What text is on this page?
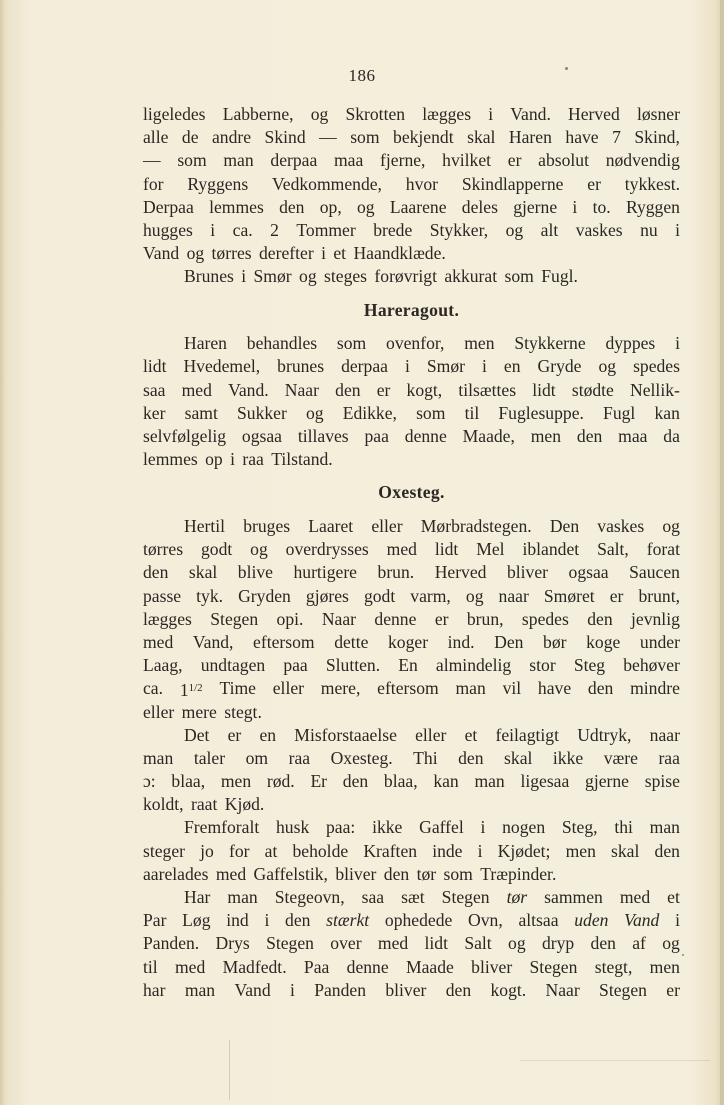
186
ligeledes Labberne, og Skrotten lægges i Vand. Herved løsner
alle de andre Skind — som bekjendt skal Haren have 7 Skind,
— som man derpaa maa fjerne, hvilket er absolut nødvendig
for Ryggens Vedkommende, hvor Skindlapperne er tykkest.
Derpaa lemmes den op, og Laarene deles gjerne i to. Ryggen
hugges i ca. 2 Tommer brede Stykker, og alt vaskes nu i
Vand og tørres derefter i et Haandklæde.
Brunes i Smør og steges forøvrigt akkurat som Fugl.
Hareragout.
Haren behandles som ovenfor, men Stykkerne dyppes i
lidt Hvedemel, brunes derpaa i Smør i en Gryde og spedes
saa med Vand. Naar den er kogt, tilsættes lidt stødte Nellik-
ker samt Sukker og Edikke, som til Fuglesuppe. Fugl kan
selvfølgelig ogsaa tillaves paa denne Maade, men den maa da
lemmes op i raa Tilstand.
Oxesteg.
Hertil bruges Laaret eller Mørbradstegen. Den vaskes og
tørres godt og overdrysses med lidt Mel iblandet Salt, forat
den skal blive hurtigere brun. Herved bliver ogsaa Saucen
passe tyk. Gryden gjøres godt varm, og naar Smøret er brunt,
lægges Stegen opi. Naar denne er brun, spedes den jevnlig
med Vand, eftersom dette koger ind. Den bør koge under
Laag, undtagen paa Slutten. En almindelig stor Steg behøver
ca. $1^{1/2}$ Time eller mere, eftersom man vil have den mindre
eller mere stegt.
Det er en Misforstaaelse eller et feilagtigt Udtryk, naar
man taler om raa Oxesteg. Thi den skal ikke være raa
ɔ: blaa, men rød. Er den blaa, kan man ligesaa gjerne spise
koldt, raat Kjød.
Fremforalt husk paa: ikke Gaffel i nogen Steg, thi man
steger jo for at beholde Kraften inde i Kjødet; men skal den
aarelades med Gaffelstik, bliver den tør som Træpinder.
Har man Stegeovn, saa sæt Stegen tør sammen med et
Par Løg ind i den stærkt ophedede Ovn, altsaa uden Vand i
Panden. Drys Stegen over med lidt Salt og dryp den af og
til med Madfedt. Paa denne Maade bliver Stegen stegt, men
har man Vand i Panden bliver den kogt. Naar Stegen er
